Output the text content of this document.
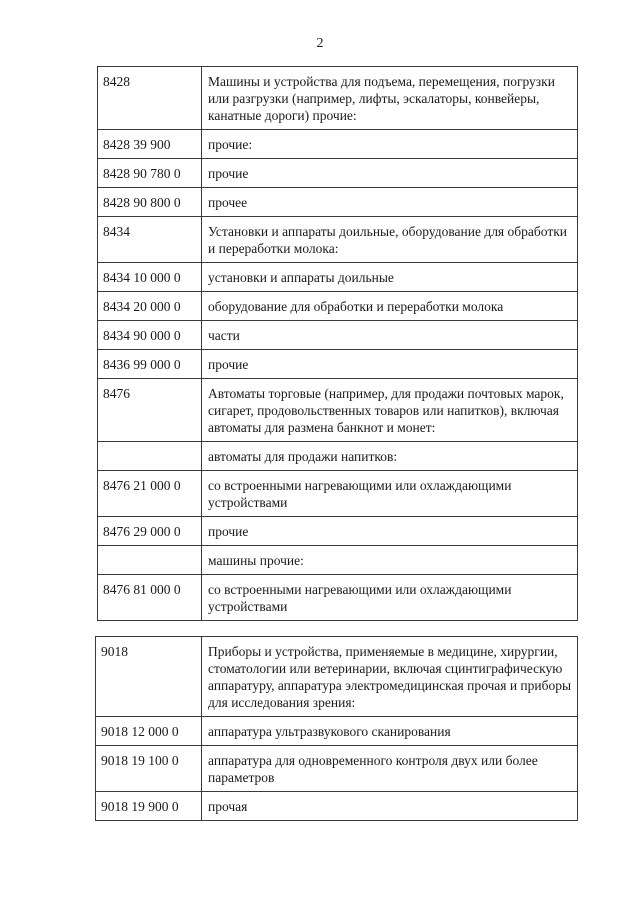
2
8428	Машины и устройства для подъема, перемещения, погрузки или разгрузки (например, лифты, эскалаторы, конвейеры, канатные дороги) прочие:
8428 39 900	прочие:
8428 90 780 0	прочие
8428 90 800 0	прочее
8434	Установки и аппараты доильные, оборудование для обработки и переработки молока:
8434 10 000 0	установки и аппараты доильные
8434 20 000 0	оборудование для обработки и переработки молока
8434 90 000 0	части
8436 99 000 0	прочие
8476	Автоматы торговые (например, для продажи почтовых марок, сигарет, продовольственных товаров или напитков), включая автоматы для размена банкнот и монет:
	автоматы для продажи напитков:
8476 21 000 0	со встроенными нагревающими или охлаждающими устройствами
8476 29 000 0	прочие
	машины прочие:
8476 81 000 0	со встроенными нагревающими или охлаждающими устройствами
9018	Приборы и устройства, применяемые в медицине, хирургии, стоматологии или ветеринарии, включая сцинтиграфическую аппаратуру, аппаратура электромедицинская прочая и приборы для исследования зрения:
9018 12 000 0	аппаратура ультразвукового сканирования
9018 19 100 0	аппаратура для одновременного контроля двух или более параметров
9018 19 900 0	прочая
